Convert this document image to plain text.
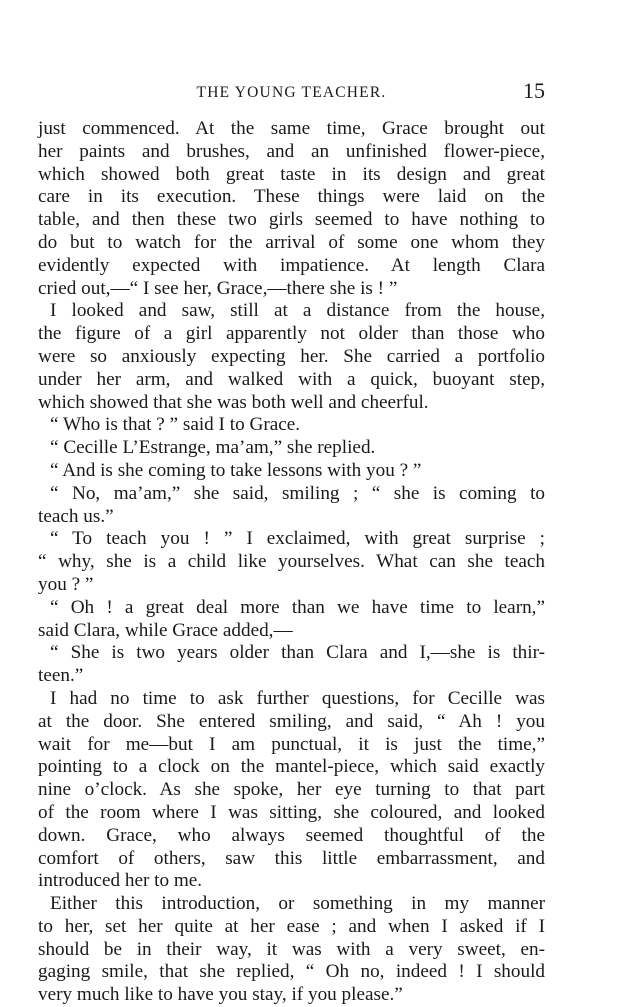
THE YOUNG TEACHER.	15
just commenced. At the same time, Grace brought out
her paints and brushes, and an unfinished flower-piece,
which showed both great taste in its design and great
care in its execution. These things were laid on the
table, and then these two girls seemed to have nothing to
do but to watch for the arrival of some one whom they
evidently expected with impatience. At length Clara
cried out,—“ I see her, Grace,—there she is ! ”
I looked and saw, still at a distance from the house,
the figure of a girl apparently not older than those who
were so anxiously expecting her. She carried a portfolio
under her arm, and walked with a quick, buoyant step,
which showed that she was both well and cheerful.
“ Who is that ? ” said I to Grace.
“ Cecille L’Estrange, ma’am,” she replied.
“ And is she coming to take lessons with you ? ”
“ No, ma’am,” she said, smiling ; “ she is coming to
teach us.”
“ To teach you ! ” I exclaimed, with great surprise ;
“ why, she is a child like yourselves. What can she teach
you ? ”
“ Oh ! a great deal more than we have time to learn,”
said Clara, while Grace added,—
“ She is two years older than Clara and I,—she is thir-
teen.”
I had no time to ask further questions, for Cecille was
at the door. She entered smiling, and said, “ Ah ! you
wait for me—but I am punctual, it is just the time,”
pointing to a clock on the mantel-piece, which said exactly
nine o’clock. As she spoke, her eye turning to that part
of the room where I was sitting, she coloured, and looked
down. Grace, who always seemed thoughtful of the
comfort of others, saw this little embarrassment, and
introduced her to me.
Either this introduction, or something in my manner
to her, set her quite at her ease ; and when I asked if I
should be in their way, it was with a very sweet, en-
gaging smile, that she replied, “ Oh no, indeed ! I should
very much like to have you stay, if you please.”
